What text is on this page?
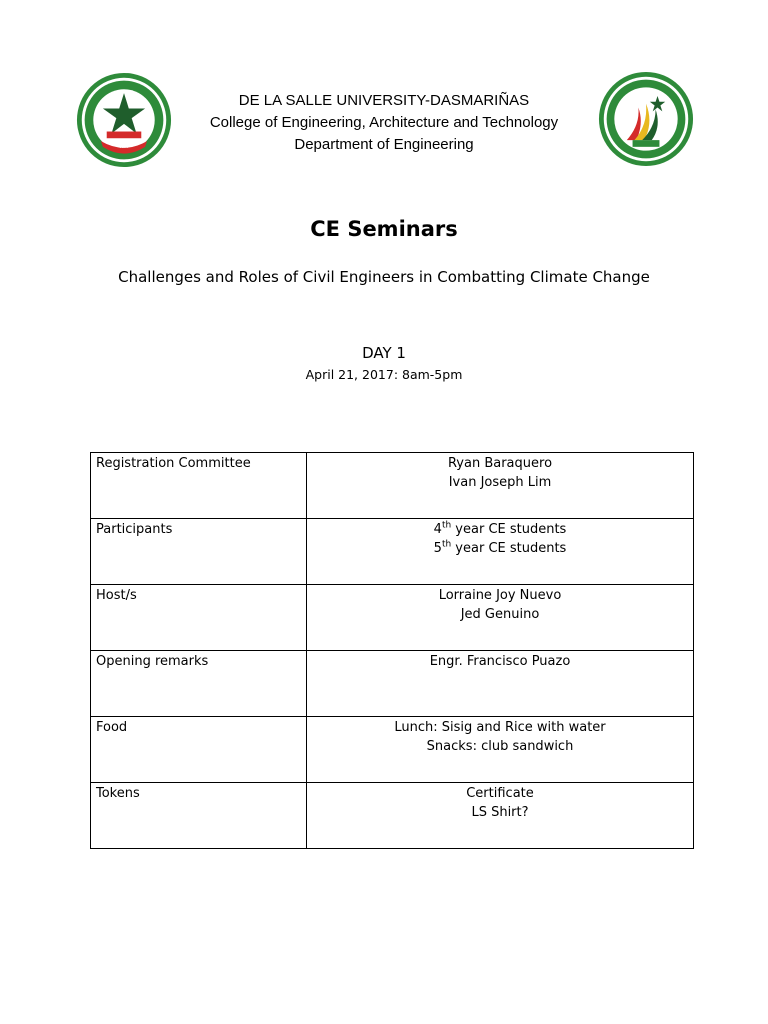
1977
DE LA SALLE UNIVERSITY-DASMARIÑAS
College of Engineering, Architecture and Technology
Department of Engineering
CE Seminars
Challenges and Roles of Civil Engineers in Combatting Climate Change
DAY 1
April 21, 2017: 8am-5pm
Registration Committee	Ryan Baraquero
Ivan Joseph Lim

Participants	4th year CE students
5th year CE students

Host/s	Lorraine Joy Nuevo
Jed Genuino

Opening remarks	Engr. Francisco Puazo

Food	Lunch: Sisig and Rice with water
Snacks: club sandwich

Tokens	Certificate
LS Shirt?
